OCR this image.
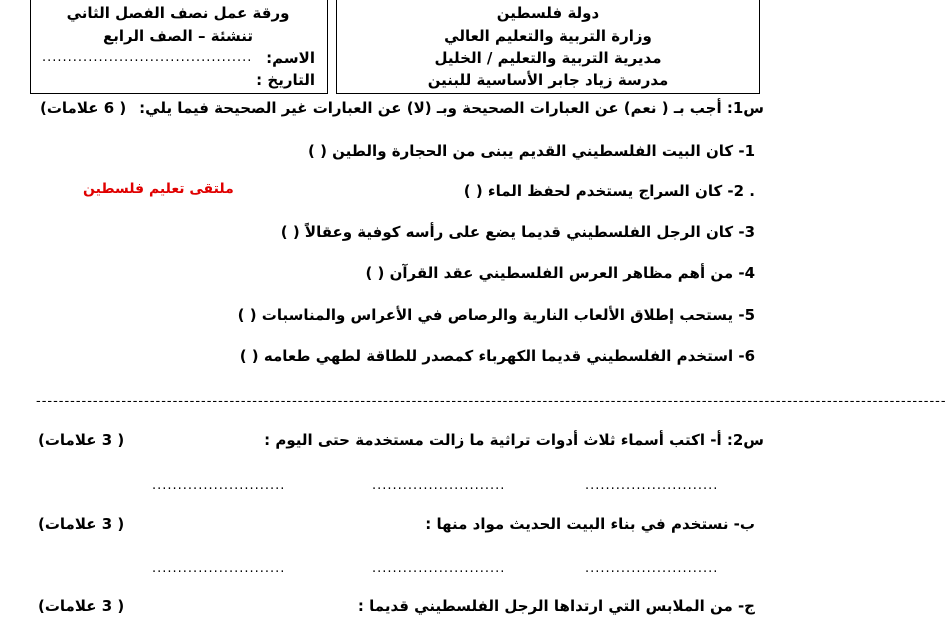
ورقة عمل نصف الفصل الثاني
تنشئة – الصف الرابع
الاسم:
.........................................
التاريخ :
دولة فلسطين
وزارة التربية والتعليم العالي
مديرية التربية والتعليم / الخليل
مدرسة زياد جابر الأساسية للبنين
س1: أجب بـ ( نعم) عن العبارات الصحيحة وبـ (لا) عن العبارات غير الصحيحة فيما يلي:
( 6 علامات)
1- كان البيت الفلسطيني القديم يبنى من الحجارة والطين ( )
. 2- كان السراج يستخدم لحفظ الماء ( )
ملتقى تعليم فلسطين
3- كان الرجل الفلسطيني قديما يضع على رأسه كوفية وعقالاً ( )
4- من أهم مظاهر العرس الفلسطيني عقد القرآن ( )
5- يستحب إطلاق الألعاب النارية والرصاص في الأعراس والمناسبات ( )
6- استخدم الفلسطيني قديما الكهرباء كمصدر للطاقة لطهي طعامه ( )
----------------------------------------------------------------------------------------------------------------------------------------------------------------
س2: أ- اكتب أسماء ثلاث أدوات تراثية ما زالت مستخدمة حتى اليوم :
( 3 علامات)
..........................	..........................	..........................
ب- نستخدم في بناء البيت الحديث مواد منها :
( 3 علامات)
..........................	..........................	..........................
ج- من الملابس التي ارتداها الرجل الفلسطيني قديما :
( 3 علامات)
